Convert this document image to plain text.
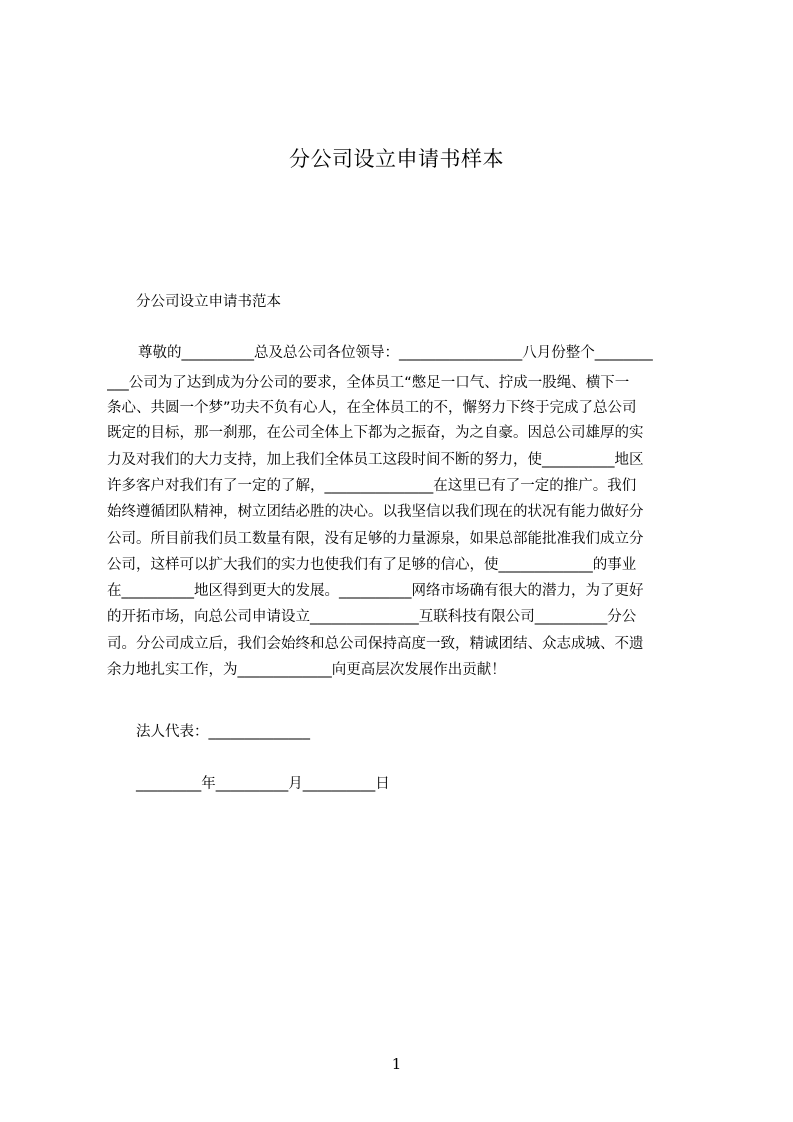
分公司设立申请书样本
分公司设立申请书范本
尊敬的__________总及总公司各位领导：_________________八月份整个________
___公司为了达到成为分公司的要求，全体员工“憋足一口气、拧成一股绳、横下一
条心、共圆一个梦”功夫不负有心人，在全体员工的不，懈努力下终于完成了总公司
既定的目标，那一刹那，在公司全体上下都为之振奋，为之自豪。因总公司雄厚的实
力及对我们的大力支持，加上我们全体员工这段时间不断的努力，使__________地区
许多客户对我们有了一定的了解，_______________在这里已有了一定的推广。我们
始终遵循团队精神，树立团结必胜的决心。以我坚信以我们现在的状况有能力做好分
公司。所目前我们员工数量有限，没有足够的力量源泉，如果总部能批准我们成立分
公司，这样可以扩大我们的实力也使我们有了足够的信心，使_____________的事业
在__________地区得到更大的发展。__________网络市场确有很大的潜力，为了更好
的开拓市场，向总公司申请设立_______________互联科技有限公司__________分公
司。分公司成立后，我们会始终和总公司保持高度一致，精诚团结、众志成城、不遗
余力地扎实工作，为_____________向更高层次发展作出贡献！
法人代表：______________
_________年__________月__________日
1
